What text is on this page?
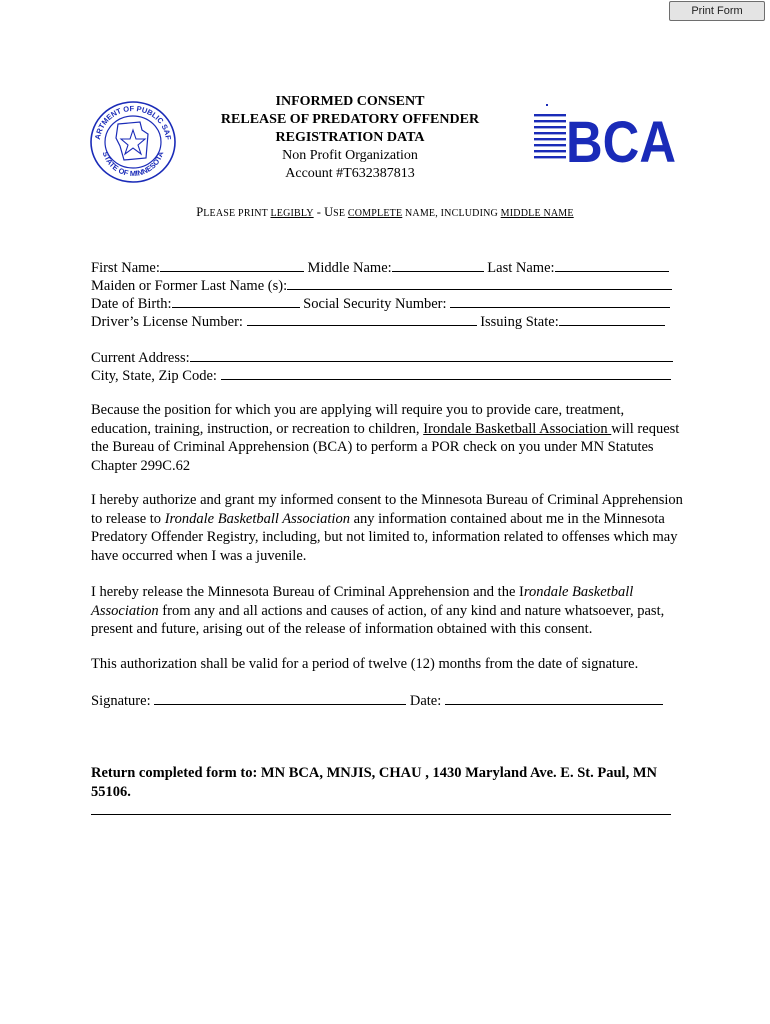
Print Form
ARTMENT OF PUBLIC SAF
STATE OF MINNESOTA	BCA
INFORMED CONSENT
RELEASE OF PREDATORY OFFENDER
REGISTRATION DATA
Non Profit Organization
Account #T632387813
PLEASE PRINT LEGIBLY - USE COMPLETE NAME, INCLUDING MIDDLE NAME
First Name:	Middle Name:	Last Name:
Maiden or Former Last Name (s):
Date of Birth:	Social Security Number:
Driver’s License Number:	Issuing State:
Current Address:
City, State, Zip Code:
Because the position for which you are applying will require you to provide care, treatment, education, training, instruction, or recreation to children, Irondale Basketball Association will request the Bureau of Criminal Apprehension (BCA) to perform a POR check on you under MN Statutes Chapter 299C.62
I hereby authorize and grant my informed consent to the Minnesota Bureau of Criminal Apprehension to release to Irondale Basketball Association any information contained about me in the Minnesota Predatory Offender Registry, including, but not limited to, information related to offenses which may have occurred when I was a juvenile.
I hereby release the Minnesota Bureau of Criminal Apprehension and the Irondale Basketball Association from any and all actions and causes of action, of any kind and nature whatsoever, past, present and future, arising out of the release of information obtained with this consent.
This authorization shall be valid for a period of twelve (12) months from the date of signature.
Signature:	Date:
Return completed form to: MN BCA, MNJIS, CHAU , 1430 Maryland Ave. E. St. Paul, MN 55106.
